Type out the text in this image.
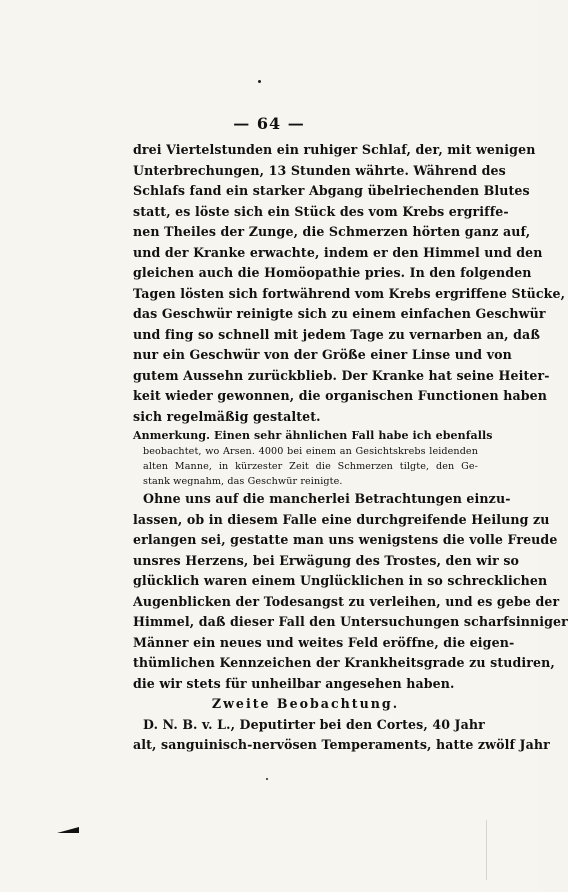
— 64 —
drei Viertelstunden ein ruhiger Schlaf, der, mit wenigen
Unterbrechungen, 13 Stunden währte. Während des
Schlafs fand ein starker Abgang übelriechenden Blutes
statt, es löste sich ein Stück des vom Krebs ergriffe-
nen Theiles der Zunge, die Schmerzen hörten ganz auf,
und der Kranke erwachte, indem er den Himmel und den
gleichen auch die Homöopathie pries. In den folgenden
Tagen lösten sich fortwährend vom Krebs ergriffene Stücke,
das Geschwür reinigte sich zu einem einfachen Geschwür
und fing so schnell mit jedem Tage zu vernarben an, daß
nur ein Geschwür von der Größe einer Linse und von
gutem Aussehn zurückblieb. Der Kranke hat seine Heiter-
keit wieder gewonnen, die organischen Functionen haben
sich regelmäßig gestaltet.
Anmerkung. Einen sehr ähnlichen Fall habe ich ebenfalls
beobachtet, wo Arsen. 4000 bei einem an Gesichtskrebs leidenden
alten Manne, in kürzester Zeit die Schmerzen tilgte, den Ge-
stank wegnahm, das Geschwür reinigte.
Ohne uns auf die mancherlei Betrachtungen einzu-
lassen, ob in diesem Falle eine durchgreifende Heilung zu
erlangen sei, gestatte man uns wenigstens die volle Freude
unsres Herzens, bei Erwägung des Trostes, den wir so
glücklich waren einem Unglücklichen in so schrecklichen
Augenblicken der Todesangst zu verleihen, und es gebe der
Himmel, daß dieser Fall den Untersuchungen scharfsinniger
Männer ein neues und weites Feld eröffne, die eigen-
thümlichen Kennzeichen der Krankheitsgrade zu studiren,
die wir stets für unheilbar angesehen haben.
Zweite Beobachtung.
D. N. B. v. L., Deputirter bei den Cortes, 40 Jahr
alt, sanguinisch-nervösen Temperaments, hatte zwölf Jahr
